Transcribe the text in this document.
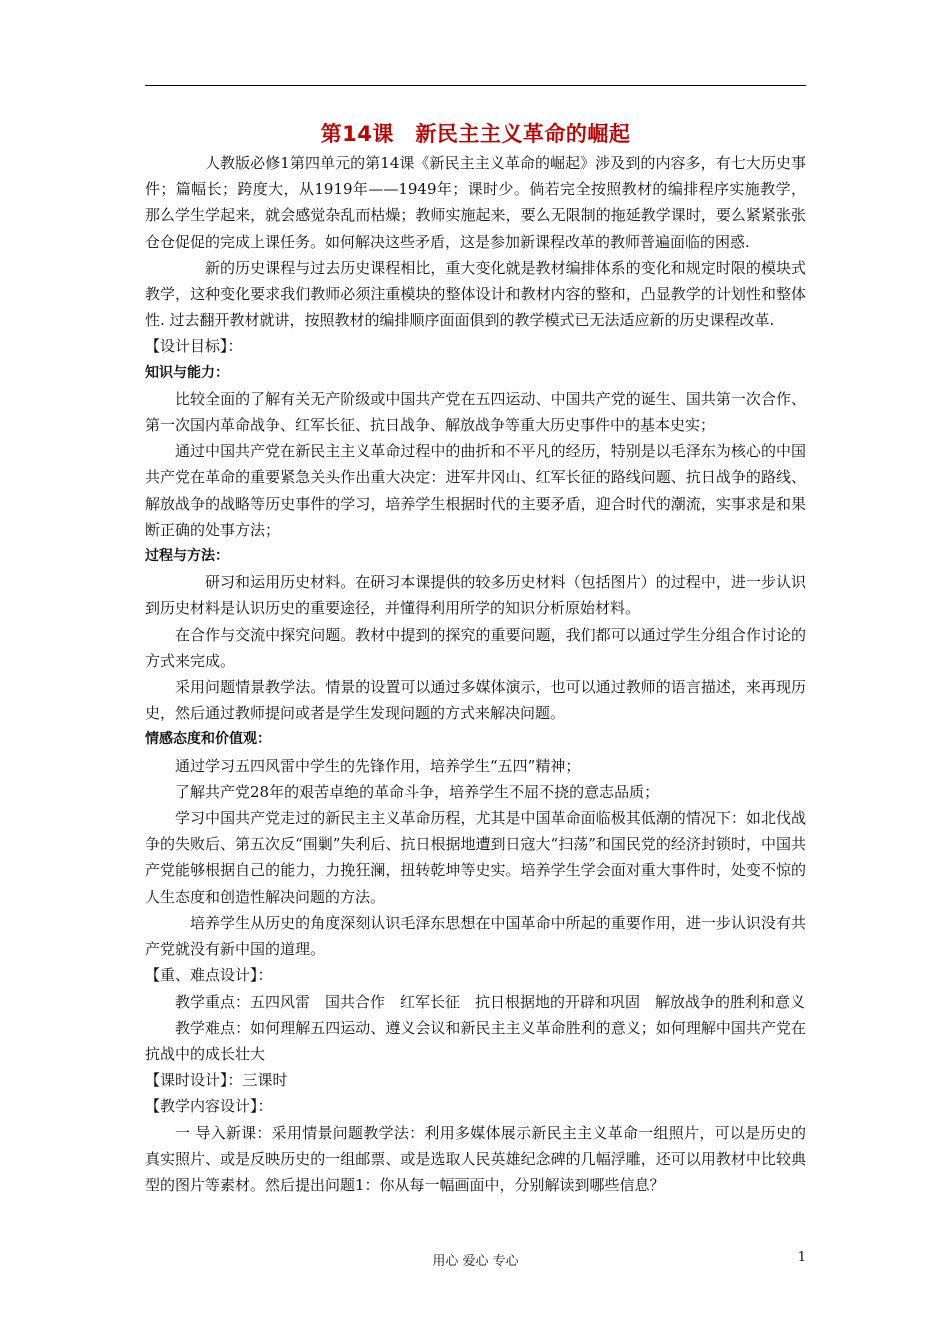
第14课　新民主主义革命的崛起

人教版必修1第四单元的第14课《新民主主义革命的崛起》涉及到的内容多，有七大历史事件；篇幅长；跨度大，从1919年——1949年；课时少。倘若完全按照教材的编排程序实施教学，那么学生学起来，就会感觉杂乱而枯燥；教师实施起来，要么无限制的拖延教学课时，要么紧紧张张仓仓促促的完成上课任务。如何解决这些矛盾，这是参加新课程改革的教师普遍面临的困惑.

新的历史课程与过去历史课程相比，重大变化就是教材编排体系的变化和规定时限的模块式教学，这种变化要求我们教师必须注重模块的整体设计和教材内容的整和，凸显教学的计划性和整体性. 过去翻开教材就讲，按照教材的编排顺序面面俱到的教学模式已无法适应新的历史课程改革.

【设计目标】：

知识与能力：

比较全面的了解有关无产阶级或中国共产党在五四运动、中国共产党的诞生、国共第一次合作、第一次国内革命战争、红军长征、抗日战争、解放战争等重大历史事件中的基本史实；

通过中国共产党在新民主主义革命过程中的曲折和不平凡的经历，特别是以毛泽东为核心的中国共产党在革命的重要紧急关头作出重大决定：进军井冈山、红军长征的路线问题、抗日战争的路线、解放战争的战略等历史事件的学习，培养学生根据时代的主要矛盾，迎合时代的潮流，实事求是和果断正确的处事方法；

过程与方法：

研习和运用历史材料。在研习本课提供的较多历史材料（包括图片）的过程中，进一步认识到历史材料是认识历史的重要途径，并懂得利用所学的知识分析原始材料。

在合作与交流中探究问题。教材中提到的探究的重要问题，我们都可以通过学生分组合作讨论的方式来完成。

采用问题情景教学法。情景的设置可以通过多媒体演示，也可以通过教师的语言描述，来再现历史，然后通过教师提问或者是学生发现问题的方式来解决问题。

情感态度和价值观：

通过学习五四风雷中学生的先锋作用，培养学生“五四”精神；

了解共产党28年的艰苦卓绝的革命斗争，培养学生不屈不挠的意志品质；

学习中国共产党走过的新民主主义革命历程，尤其是中国革命面临极其低潮的情况下：如北伐战争的失败后、第五次反“围剿”失利后、抗日根据地遭到日寇大“扫荡”和国民党的经济封锁时，中国共产党能够根据自己的能力，力挽狂澜，扭转乾坤等史实。培养学生学会面对重大事件时，处变不惊的人生态度和创造性解决问题的方法。

培养学生从历史的角度深刻认识毛泽东思想在中国革命中所起的重要作用，进一步认识没有共产党就没有新中国的道理。

【重、难点设计】：

教学重点：五四风雷　国共合作　红军长征　抗日根据地的开辟和巩固　解放战争的胜利和意义

教学难点：如何理解五四运动、遵义会议和新民主主义革命胜利的意义；如何理解中国共产党在抗战中的成长壮大

【课时设计】：三课时

【教学内容设计】：

一 导入新课：采用情景问题教学法：利用多媒体展示新民主主义革命一组照片，可以是历史的真实照片、或是反映历史的一组邮票、或是选取人民英雄纪念碑的几幅浮雕，还可以用教材中比较典型的图片等素材。然后提出问题1：你从每一幅画面中，分别解读到哪些信息？

用心 爱心 专心	1
